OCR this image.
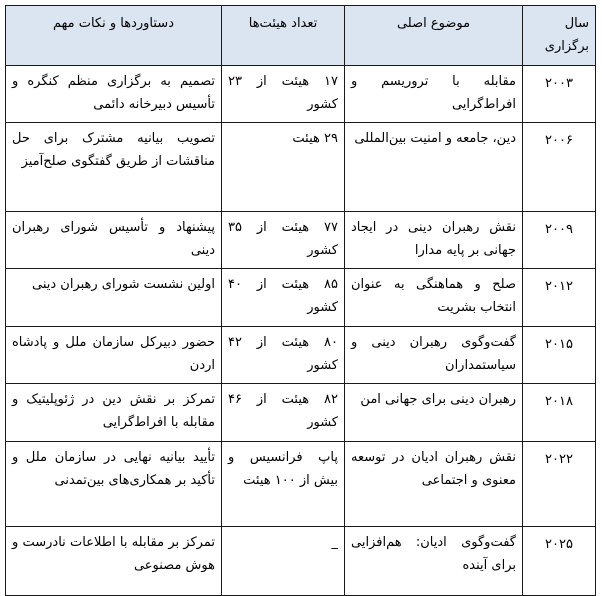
سال برگزاری	موضوع اصلی	تعداد هیئت‌ها	دستاوردها و نکات مهم
۲۰۰۳	مقابله با تروریسم و افراط‌گرایی	۱۷ هیئت از ۲۳ کشور	تصمیم به برگزاری منظم کنگره و تأسیس دبیرخانه دائمی
۲۰۰۶	دین، جامعه و امنیت بین‌المللی	۲۹ هیئت	تصویب بیانیه مشترک برای حل مناقشات از طریق گفتگوی صلح‌آمیز
۲۰۰۹	نقش رهبران دینی در ایجاد جهانی بر پایه مدارا	۷۷ هیئت از ۳۵ کشور	پیشنهاد و تأسیس شورای رهبران دینی
۲۰۱۲	صلح و هماهنگی به عنوان انتخاب بشریت	۸۵ هیئت از ۴۰ کشور	اولین نشست شورای رهبران دینی
۲۰۱۵	گفت‌وگوی رهبران دینی و سیاستمداران	۸۰ هیئت از ۴۲ کشور	حضور دبیرکل سازمان ملل و پادشاه اردن
۲۰۱۸	رهبران دینی برای جهانی امن	۸۲ هیئت از ۴۶ کشور	تمرکز بر نقش دین در ژئوپلیتیک و مقابله با افراط‌گرایی
۲۰۲۲	نقش رهبران ادیان در توسعه معنوی و اجتماعی	پاپ فرانسیس و بیش از ۱۰۰ هیئت	تأیید بیانیه نهایی در سازمان ملل و تأکید بر همکاری‌های بین‌تمدنی
۲۰۲۵	گفت‌وگوی ادیان: هم‌افزایی برای آینده	_	تمرکز بر مقابله با اطلاعات نادرست و هوش مصنوعی
